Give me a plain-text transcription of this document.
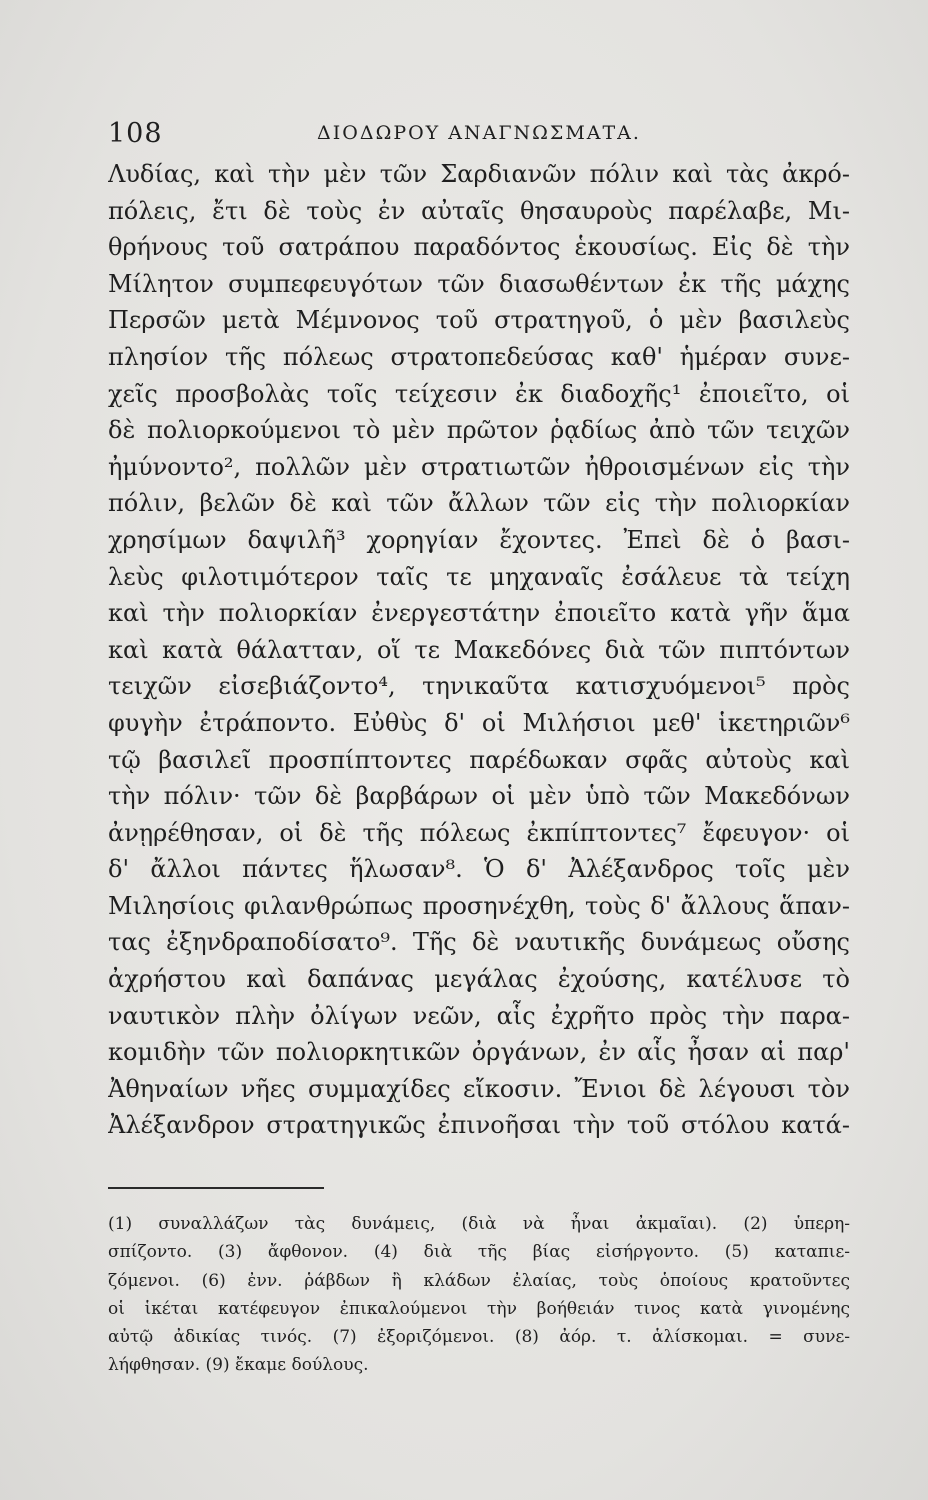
108	ΔΙΟΔΩΡΟΥ ΑΝΑΓΝΩΣΜΑΤΑ.
Λυδίας, καὶ τὴν μὲν τῶν Σαρδιανῶν πόλιν καὶ τὰς ἀκρό-
πόλεις, ἔτι δὲ τοὺς ἐν αὐταῖς θησαυροὺς παρέλαβε, Μι-
θρήνους τοῦ σατράπου παραδόντος ἑκουσίως. Εἰς δὲ τὴν
Μίλητον συμπεφευγότων τῶν διασωθέντων ἐκ τῆς μάχης
Περσῶν μετὰ Μέμνονος τοῦ στρατηγοῦ, ὁ μὲν βασιλεὺς
πλησίον τῆς πόλεως στρατοπεδεύσας καθ' ἡμέραν συνε-
χεῖς προσβολὰς τοῖς τείχεσιν ἐκ διαδοχῆς¹ ἐποιεῖτο, οἱ
δὲ πολιορκούμενοι τὸ μὲν πρῶτον ῥᾳδίως ἀπὸ τῶν τειχῶν
ἠμύνοντο², πολλῶν μὲν στρατιωτῶν ἠθροισμένων εἰς τὴν
πόλιν, βελῶν δὲ καὶ τῶν ἄλλων τῶν εἰς τὴν πολιορκίαν
χρησίμων δαψιλῆ³ χορηγίαν ἔχοντες. Ἐπεὶ δὲ ὁ βασι-
λεὺς φιλοτιμότερον ταῖς τε μηχαναῖς ἐσάλευε τὰ τείχη
καὶ τὴν πολιορκίαν ἐνεργεστάτην ἐποιεῖτο κατὰ γῆν ἅμα
καὶ κατὰ θάλατταν, οἵ τε Μακεδόνες διὰ τῶν πιπτόντων
τειχῶν εἰσεβιάζοντο⁴, τηνικαῦτα κατισχυόμενοι⁵ πρὸς
φυγὴν ἐτράποντο. Εὐθὺς δ' οἱ Μιλήσιοι μεθ' ἱκετηριῶν⁶
τῷ βασιλεῖ προσπίπτοντες παρέδωκαν σφᾶς αὐτοὺς καὶ
τὴν πόλιν· τῶν δὲ βαρβάρων οἱ μὲν ὑπὸ τῶν Μακεδόνων
ἀνῃρέθησαν, οἱ δὲ τῆς πόλεως ἐκπίπτοντες⁷ ἔφευγον· οἱ
δ' ἄλλοι πάντες ἥλωσαν⁸. Ὁ δ' Ἀλέξανδρος τοῖς μὲν
Μιλησίοις φιλανθρώπως προσηνέχθη, τοὺς δ' ἄλλους ἅπαν-
τας ἐξηνδραποδίσατο⁹. Τῆς δὲ ναυτικῆς δυνάμεως οὔσης
ἀχρήστου καὶ δαπάνας μεγάλας ἐχούσης, κατέλυσε τὸ
ναυτικὸν πλὴν ὀλίγων νεῶν, αἷς ἐχρῆτο πρὸς τὴν παρα-
κομιδὴν τῶν πολιορκητικῶν ὀργάνων, ἐν αἷς ἦσαν αἱ παρ'
Ἀθηναίων νῆες συμμαχίδες εἴκοσιν. Ἔνιοι δὲ λέγουσι τὸν
Ἀλέξανδρον στρατηγικῶς ἐπινοῆσαι τὴν τοῦ στόλου κατά-
(1) συναλλάζων τὰς δυνάμεις, (διὰ νὰ ἦναι ἀκμαῖαι). (2) ὑπερη-
σπίζοντο. (3) ἄφθονον. (4) διὰ τῆς βίας εἰσήργοντο. (5) καταπιε-
ζόμενοι. (6) ἐνν. ῥάβδων ἢ κλάδων ἐλαίας, τοὺς ὁποίους κρατοῦντες
οἱ ἱκέται κατέφευγον ἐπικαλούμενοι τὴν βοήθειάν τινος κατὰ γινομένης
αὐτῷ ἀδικίας τινός. (7) ἐξοριζόμενοι. (8) ἀόρ. τ. ἁλίσκομαι. = συνε-
λήφθησαν. (9) ἔκαμε δούλους.
